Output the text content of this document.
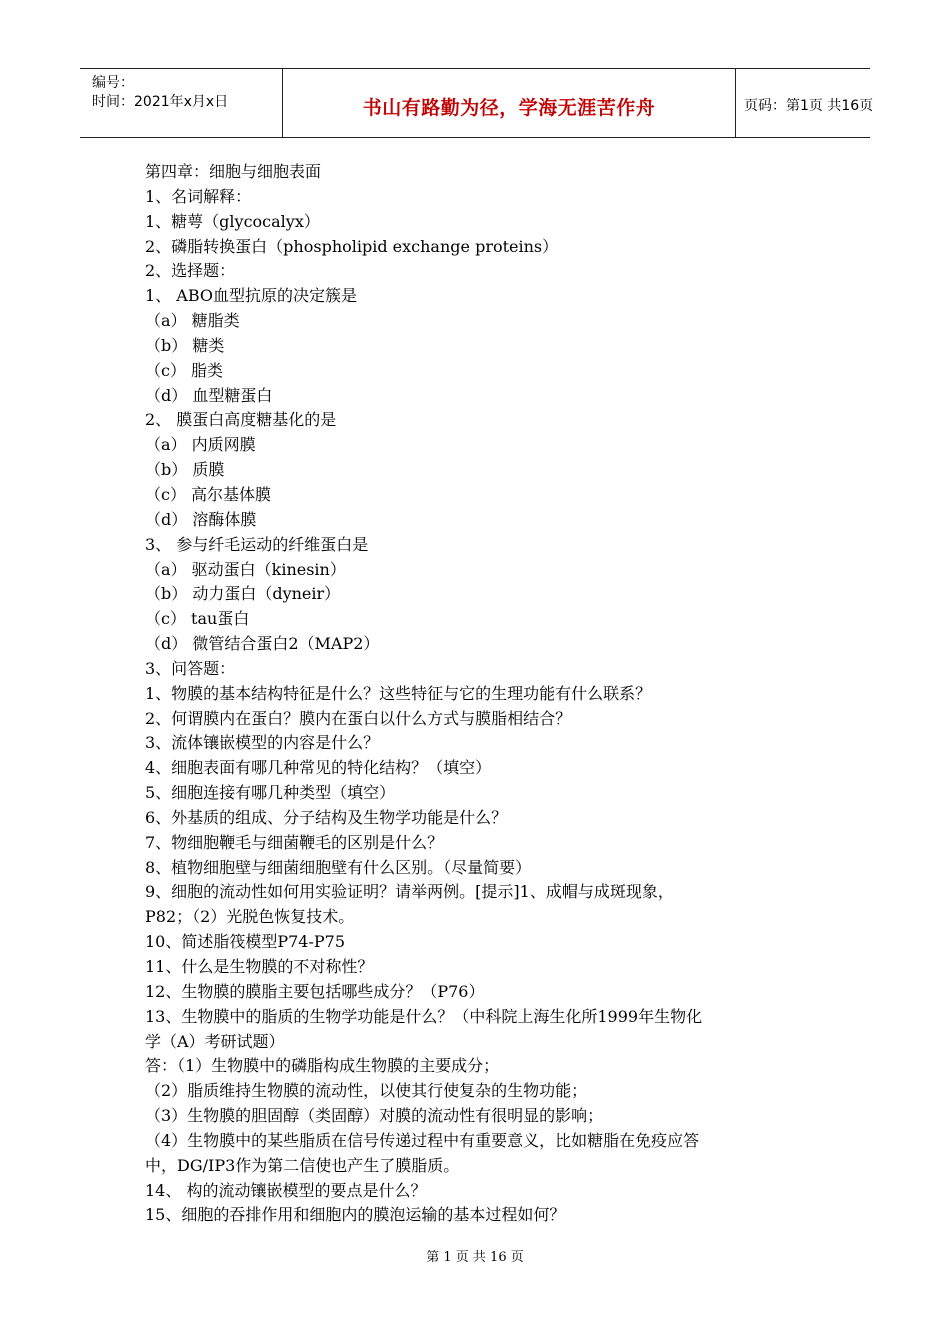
编号：
时间：2021年x月x日	书山有路勤为径，学海无涯苦作舟	页码：第1页 共16页
第四章：细胞与细胞表面
1、名词解释：
1、糖萼（glycocalyx）
2、磷脂转换蛋白（phospholipid exchange proteins）
2、选择题：
1、 ABO血型抗原的决定簇是
（a） 糖脂类
（b） 糖类
（c） 脂类
（d） 血型糖蛋白
2、 膜蛋白高度糖基化的是
（a） 内质网膜
（b） 质膜
（c） 高尔基体膜
（d） 溶酶体膜
3、 参与纤毛运动的纤维蛋白是
（a） 驱动蛋白（kinesin）
（b） 动力蛋白（dyneir）
（c） tau蛋白
（d） 微管结合蛋白2（MAP2）
3、问答题：
1、物膜的基本结构特征是什么？这些特征与它的生理功能有什么联系？
2、何谓膜内在蛋白？膜内在蛋白以什么方式与膜脂相结合？
3、流体镶嵌模型的内容是什么？
4、细胞表面有哪几种常见的特化结构？（填空）
5、细胞连接有哪几种类型（填空）
6、外基质的组成、分子结构及生物学功能是什么？
7、物细胞鞭毛与细菌鞭毛的区别是什么？
8、植物细胞壁与细菌细胞壁有什么区别。（尽量简要）
9、细胞的流动性如何用实验证明？请举两例。[提示]1、成帽与成斑现象，
P82；（2）光脱色恢复技术。
10、简述脂筏模型P74-P75
11、什么是生物膜的不对称性？
12、生物膜的膜脂主要包括哪些成分？（P76）
13、生物膜中的脂质的生物学功能是什么？（中科院上海生化所1999年生物化
学（A）考研试题）
答：（1）生物膜中的磷脂构成生物膜的主要成分；
（2）脂质维持生物膜的流动性，以使其行使复杂的生物功能；
（3）生物膜的胆固醇（类固醇）对膜的流动性有很明显的影响；
（4）生物膜中的某些脂质在信号传递过程中有重要意义，比如糖脂在免疫应答
中，DG/IP3作为第二信使也产生了膜脂质。
14、 构的流动镶嵌模型的要点是什么？
15、细胞的吞排作用和细胞内的膜泡运输的基本过程如何？
第 1 页 共 16 页
